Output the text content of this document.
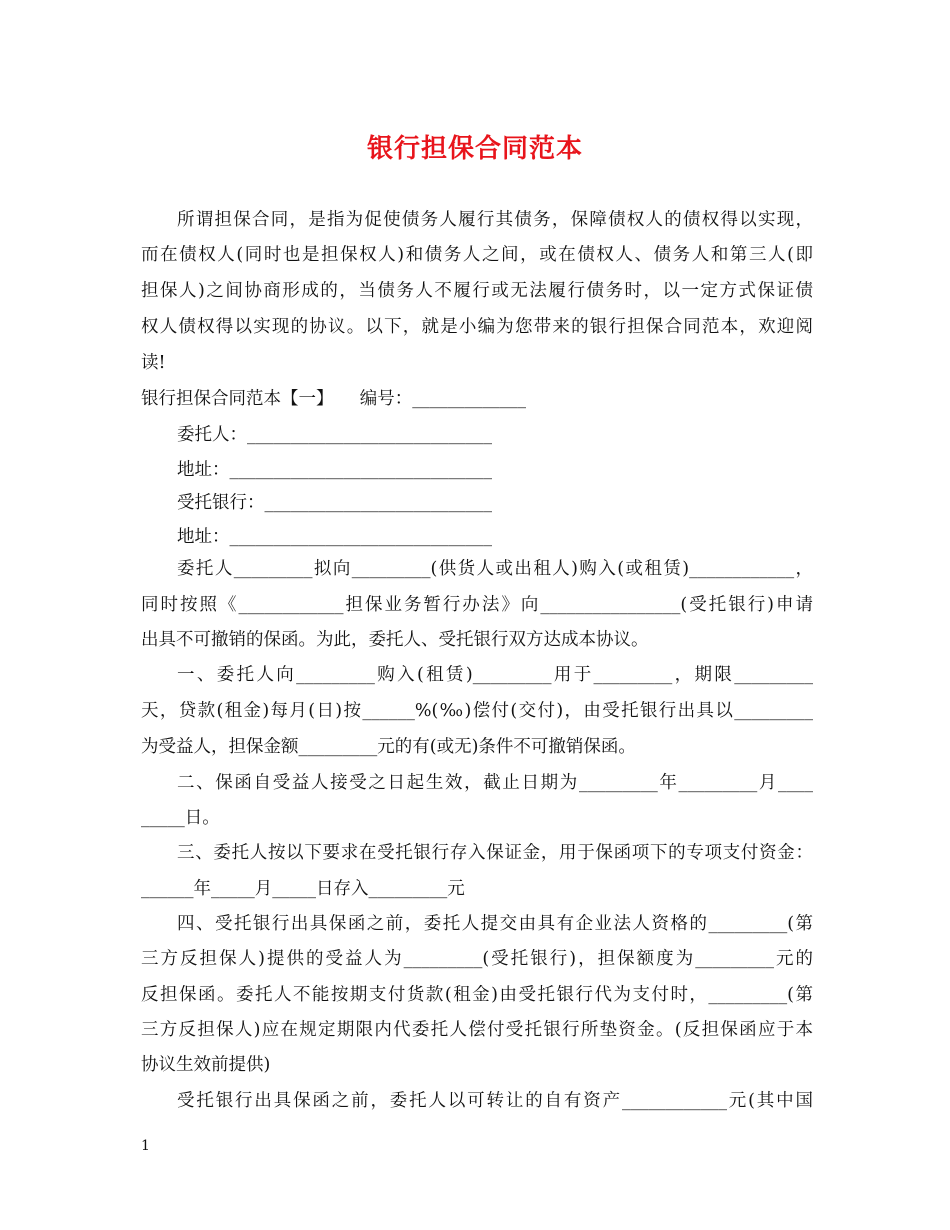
银行担保合同范本
所谓担保合同，是指为促使债务人履行其债务，保障债权人的债权得以实现，
而在债权人(同时也是担保权人)和债务人之间，或在债权人、债务人和第三人(即
担保人)之间协商形成的，当债务人不履行或无法履行债务时，以一定方式保证债
权人债权得以实现的协议。以下，就是小编为您带来的银行担保合同范本，欢迎阅
读!
银行担保合同范本【一】　　编号：_____________
委托人：____________________________
地址：______________________________
受托银行：__________________________
地址：______________________________
委托人_________拟向_________(供货人或出租人)购入(或租赁)____________，
同时按照《____________担保业务暂行办法》向________________(受托银行)申请
出具不可撤销的保函。为此，委托人、受托银行双方达成本协议。
一、委托人向_________购入(租赁)_________用于_________，期限_________
天，贷款(租金)每月(日)按______%(‰)偿付(交付)，由受托银行出具以_________
为受益人，担保金额_________元的有(或无)条件不可撤销保函。
二、保函自受益人接受之日起生效，截止日期为_________年_________月____
_____日。
三、委托人按以下要求在受托银行存入保证金，用于保函项下的专项支付资金：
______年_____月_____日存入_________元
四、受托银行出具保函之前，委托人提交由具有企业法人资格的_________(第
三方反担保人)提供的受益人为_________(受托银行)，担保额度为_________元的
反担保函。委托人不能按期支付货款(租金)由受托银行代为支付时，_________(第
三方反担保人)应在规定期限内代委托人偿付受托银行所垫资金。(反担保函应于本
协议生效前提供)
受托银行出具保函之前，委托人以可转让的自有资产____________元(其中国
1
